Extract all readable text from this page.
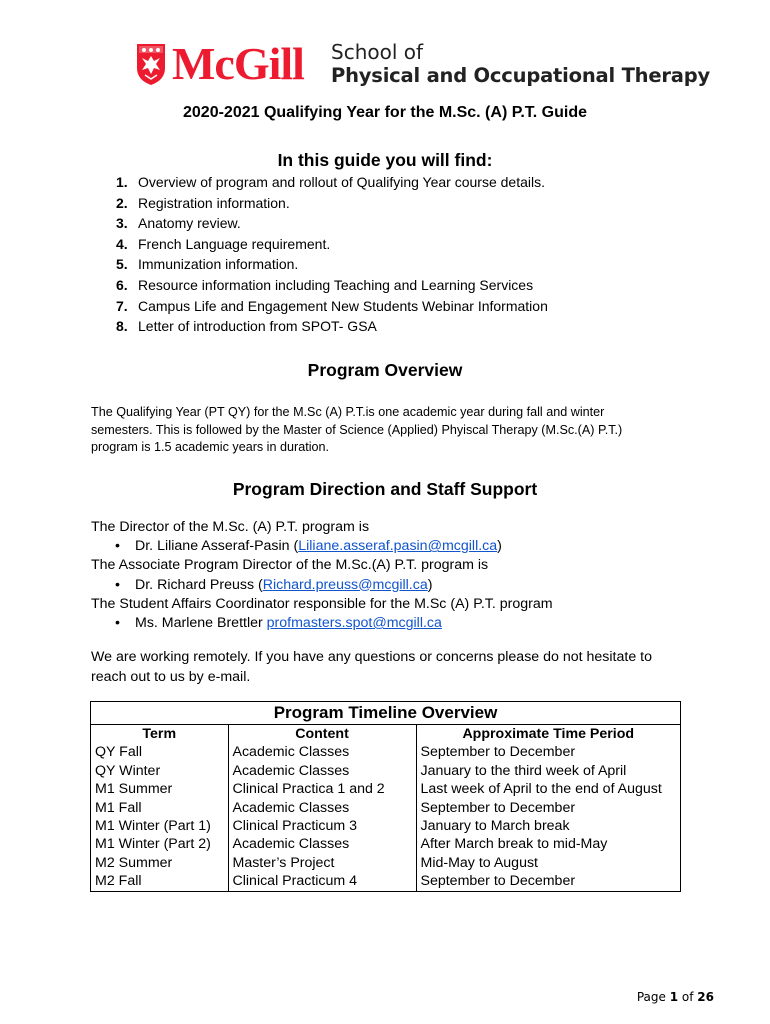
McGill School of
Physical and Occupational Therapy
2020-2021 Qualifying Year for the M.Sc. (A) P.T. Guide
In this guide you will find:
1. Overview of program and rollout of Qualifying Year course details.
2. Registration information.
3. Anatomy review.
4. French Language requirement.
5. Immunization information.
6. Resource information including Teaching and Learning Services
7. Campus Life and Engagement New Students Webinar Information
8. Letter of introduction from SPOT- GSA
Program Overview
The Qualifying Year (PT QY) for the M.Sc (A) P.T.is one academic year during fall and winter
semesters. This is followed by the Master of Science (Applied) Phyiscal Therapy (M.Sc.(A) P.T.)
program is 1.5 academic years in duration.
Program Direction and Staff Support
The Director of the M.Sc. (A) P.T. program is
• Dr. Liliane Asseraf-Pasin (Liliane.asseraf.pasin@mcgill.ca)
The Associate Program Director of the M.Sc.(A) P.T. program is
• Dr. Richard Preuss (Richard.preuss@mcgill.ca)
The Student Affairs Coordinator responsible for the M.Sc (A) P.T. program
• Ms. Marlene Brettler profmasters.spot@mcgill.ca
We are working remotely. If you have any questions or concerns please do not hesitate to
reach out to us by e-mail.
Program Timeline Overview
Term	Content	Approximate Time Period
QY Fall	Academic Classes	September to December
QY Winter	Academic Classes	January to the third week of April
M1 Summer	Clinical Practica 1 and 2	Last week of April to the end of August
M1 Fall	Academic Classes	September to December
M1 Winter (Part 1)	Clinical Practicum 3	January to March break
M1 Winter (Part 2)	Academic Classes	After March break to mid-May
M2 Summer	Master’s Project	Mid-May to August
M2 Fall	Clinical Practicum 4	September to December
Page 1 of 26
